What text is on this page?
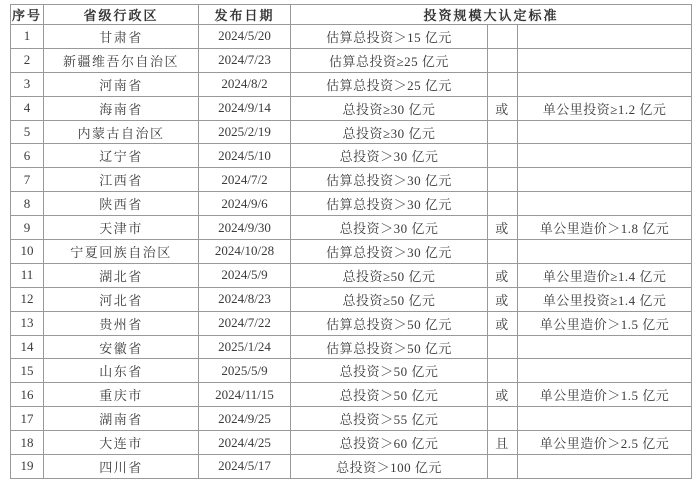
序号	省级行政区	发布日期	投资规模大认定标准		
1	甘肃省	2024/5/20	估算总投资＞15 亿元		
2	新疆维吾尔自治区	2024/7/23	估算总投资≥25 亿元		
3	河南省	2024/8/2	估算总投资＞25 亿元		
4	海南省	2024/9/14	总投资≥30 亿元	或	单公里投资≥1.2 亿元
5	内蒙古自治区	2025/2/19	总投资≥30 亿元		
6	辽宁省	2024/5/10	总投资＞30 亿元		
7	江西省	2024/7/2	估算总投资＞30 亿元		
8	陕西省	2024/9/6	估算总投资＞30 亿元		
9	天津市	2024/9/30	总投资＞30 亿元	或	单公里造价＞1.8 亿元
10	宁夏回族自治区	2024/10/28	估算总投资＞30 亿元		
11	湖北省	2024/5/9	总投资≥50 亿元	或	单公里造价≥1.4 亿元
12	河北省	2024/8/23	总投资≥50 亿元	或	单公里投资≥1.4 亿元
13	贵州省	2024/7/22	估算总投资＞50 亿元	或	单公里造价＞1.5 亿元
14	安徽省	2025/1/24	估算总投资＞50 亿元		
15	山东省	2025/5/9	总投资＞50 亿元		
16	重庆市	2024/11/15	总投资＞50 亿元	或	单公里造价＞1.5 亿元
17	湖南省	2024/9/25	总投资＞55 亿元		
18	大连市	2024/4/25	总投资＞60 亿元	且	单公里造价＞2.5 亿元
19	四川省	2024/5/17	总投资＞100 亿元		
